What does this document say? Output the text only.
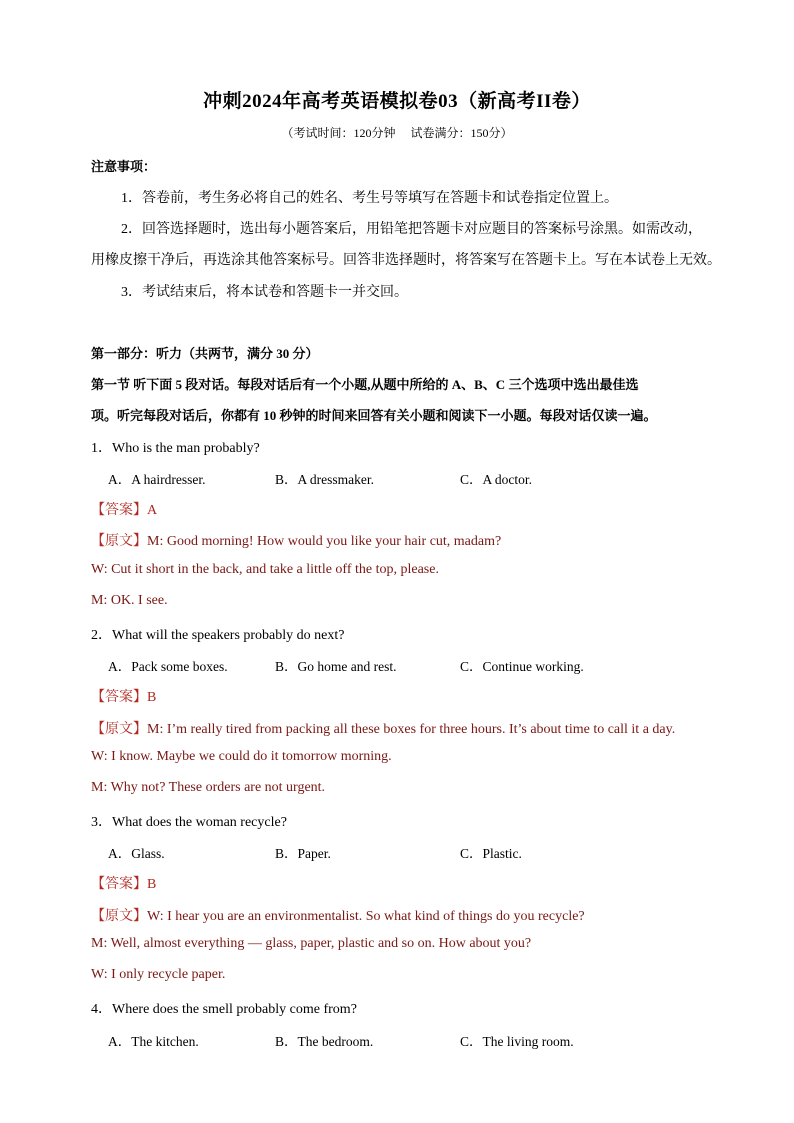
冲刺2024年高考英语模拟卷03（新高考II卷）
（考试时间：120分钟 试卷满分：150分）
注意事项：
1．答卷前，考生务必将自己的姓名、考生号等填写在答题卡和试卷指定位置上。
2．回答选择题时，选出每小题答案后，用铅笔把答题卡对应题目的答案标号涂黑。如需改动，
用橡皮擦干净后，再选涂其他答案标号。回答非选择题时，将答案写在答题卡上。写在本试卷上无效。
3．考试结束后，将本试卷和答题卡一并交回。
第一部分：听力（共两节，满分 30 分）
第一节 听下面 5 段对话。每段对话后有一个小题,从题中所给的 A、B、C 三个选项中选出最佳选
项。听完每段对话后，你都有 10 秒钟的时间来回答有关小题和阅读下一小题。每段对话仅读一遍。
1．Who is the man probably?
A．A hairdresser.	B．A dressmaker.	C．A doctor.
【答案】A
【原文】M: Good morning! How would you like your hair cut, madam?
W: Cut it short in the back, and take a little off the top, please.
M: OK. I see.
2．What will the speakers probably do next?
A．Pack some boxes.	B．Go home and rest.	C．Continue working.
【答案】B
【原文】M: I’m really tired from packing all these boxes for three hours. It’s about time to call it a day.
W: I know. Maybe we could do it tomorrow morning.
M: Why not? These orders are not urgent.
3．What does the woman recycle?
A．Glass.	B．Paper.	C．Plastic.
【答案】B
【原文】W: I hear you are an environmentalist. So what kind of things do you recycle?
M: Well, almost everything — glass, paper, plastic and so on. How about you?
W: I only recycle paper.
4．Where does the smell probably come from?
A．The kitchen.	B．The bedroom.	C．The living room.
